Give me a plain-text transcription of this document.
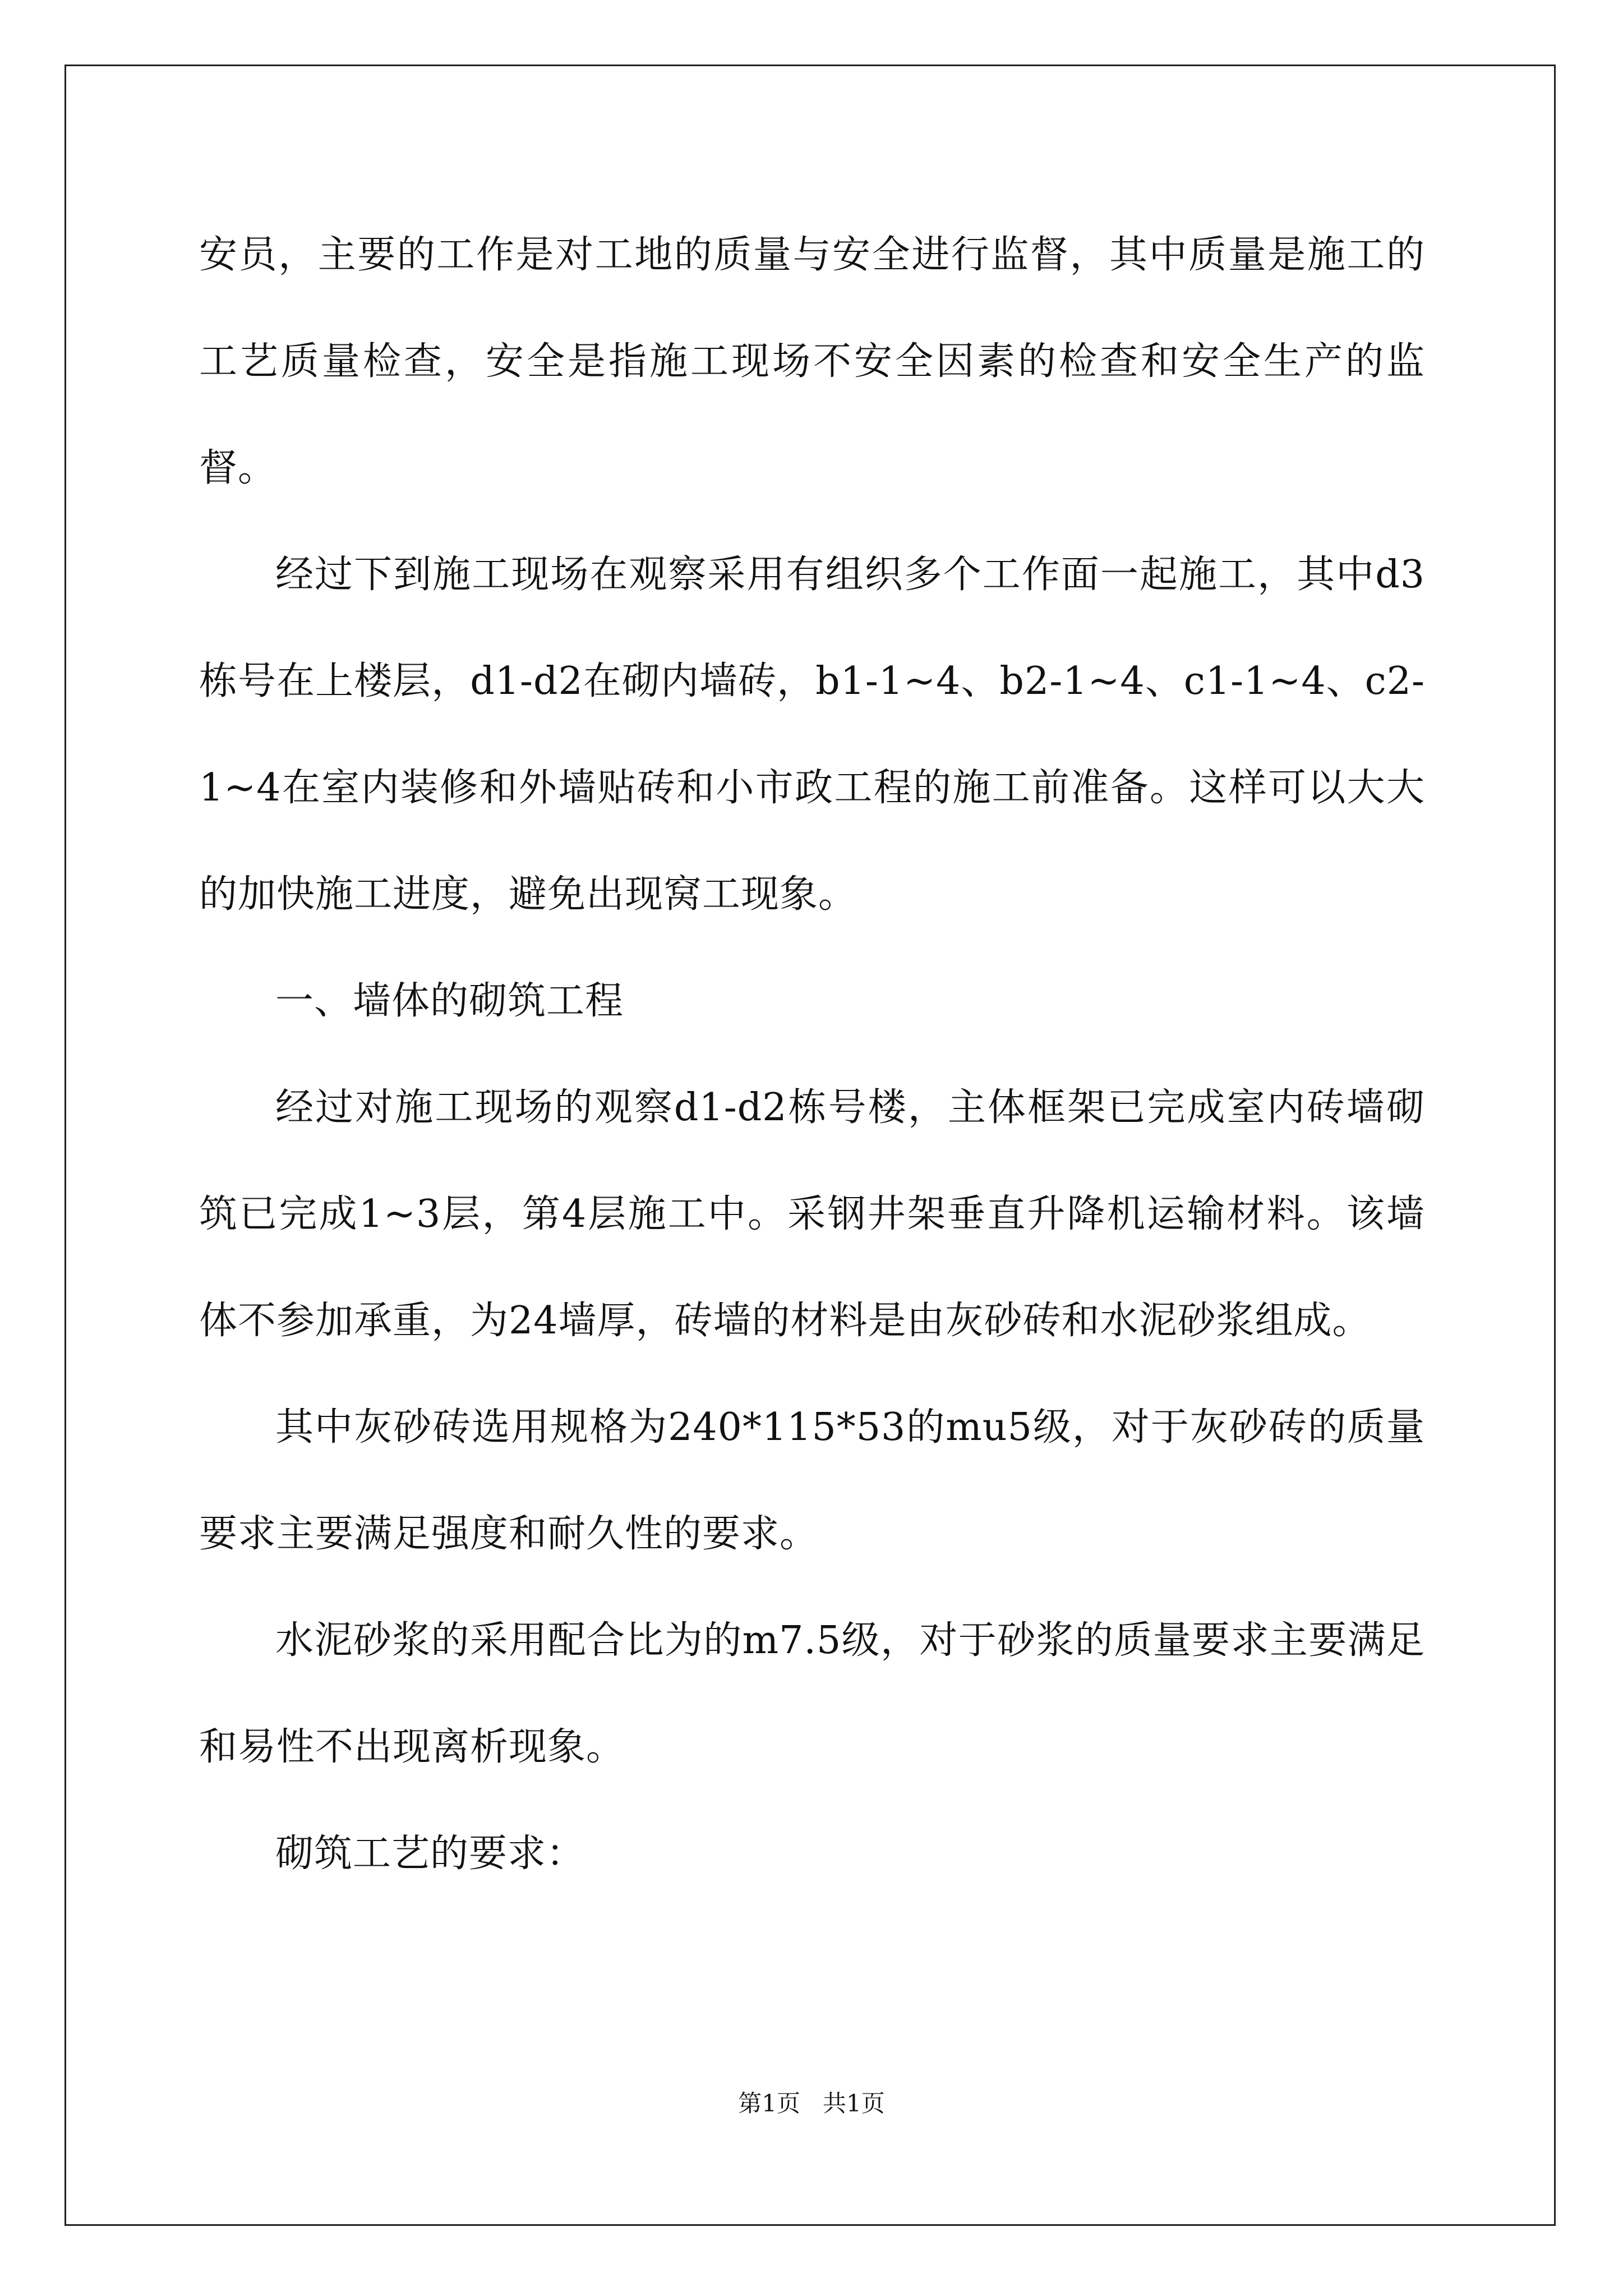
安员，主要的工作是对工地的质量与安全进行监督，其中质量是施工的工艺质量检查，安全是指施工现场不安全因素的检查和安全生产的监督。

经过下到施工现场在观察采用有组织多个工作面一起施工，其中d3栋号在上楼层，d1-d2在砌内墙砖，b1-1~4、b2-1~4、c1-1~4、c2-1~4在室内装修和外墙贴砖和小市政工程的施工前准备。这样可以大大的加快施工进度，避免出现窝工现象。

一、墙体的砌筑工程

经过对施工现场的观察d1-d2栋号楼，主体框架已完成室内砖墙砌筑已完成1~3层，第4层施工中。采钢井架垂直升降机运输材料。该墙体不参加承重，为24墙厚，砖墙的材料是由灰砂砖和水泥砂浆组成。

其中灰砂砖选用规格为240*115*53的mu5级，对于灰砂砖的质量要求主要满足强度和耐久性的要求。

水泥砂浆的采用配合比为的m7.5级，对于砂浆的质量要求主要满足和易性不出现离析现象。

砌筑工艺的要求：

第1页 共1页
